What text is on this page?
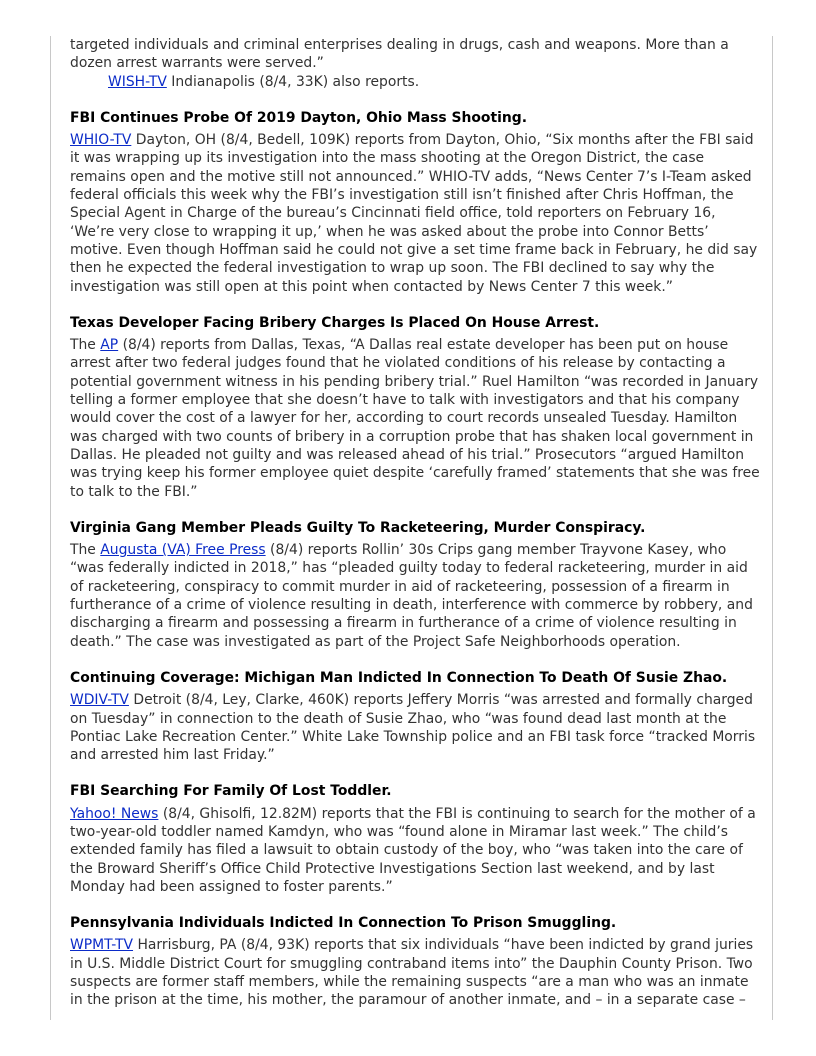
targeted individuals and criminal enterprises dealing in drugs, cash and weapons. More than a dozen arrest warrants were served.”

WISH-TV Indianapolis (8/4, 33K) also reports.

FBI Continues Probe Of 2019 Dayton, Ohio Mass Shooting.

WHIO-TV Dayton, OH (8/4, Bedell, 109K) reports from Dayton, Ohio, “Six months after the FBI said it was wrapping up its investigation into the mass shooting at the Oregon District, the case remains open and the motive still not announced.” WHIO-TV adds, “News Center 7’s I-Team asked federal officials this week why the FBI’s investigation still isn’t finished after Chris Hoffman, the Special Agent in Charge of the bureau’s Cincinnati field office, told reporters on February 16, ‘We’re very close to wrapping it up,’ when he was asked about the probe into Connor Betts’ motive. Even though Hoffman said he could not give a set time frame back in February, he did say then he expected the federal investigation to wrap up soon. The FBI declined to say why the investigation was still open at this point when contacted by News Center 7 this week.”

Texas Developer Facing Bribery Charges Is Placed On House Arrest.

The AP (8/4) reports from Dallas, Texas, “A Dallas real estate developer has been put on house arrest after two federal judges found that he violated conditions of his release by contacting a potential government witness in his pending bribery trial.” Ruel Hamilton “was recorded in January telling a former employee that she doesn’t have to talk with investigators and that his company would cover the cost of a lawyer for her, according to court records unsealed Tuesday. Hamilton was charged with two counts of bribery in a corruption probe that has shaken local government in Dallas. He pleaded not guilty and was released ahead of his trial.” Prosecutors “argued Hamilton was trying keep his former employee quiet despite ‘carefully framed’ statements that she was free to talk to the FBI.”

Virginia Gang Member Pleads Guilty To Racketeering, Murder Conspiracy.

The Augusta (VA) Free Press (8/4) reports Rollin’ 30s Crips gang member Trayvone Kasey, who “was federally indicted in 2018,” has “pleaded guilty today to federal racketeering, murder in aid of racketeering, conspiracy to commit murder in aid of racketeering, possession of a firearm in furtherance of a crime of violence resulting in death, interference with commerce by robbery, and discharging a firearm and possessing a firearm in furtherance of a crime of violence resulting in death.” The case was investigated as part of the Project Safe Neighborhoods operation.

Continuing Coverage: Michigan Man Indicted In Connection To Death Of Susie Zhao.

WDIV-TV Detroit (8/4, Ley, Clarke, 460K) reports Jeffery Morris “was arrested and formally charged on Tuesday” in connection to the death of Susie Zhao, who “was found dead last month at the Pontiac Lake Recreation Center.” White Lake Township police and an FBI task force “tracked Morris and arrested him last Friday.”

FBI Searching For Family Of Lost Toddler.

Yahoo! News (8/4, Ghisolfi, 12.82M) reports that the FBI is continuing to search for the mother of a two-year-old toddler named Kamdyn, who was “found alone in Miramar last week.” The child’s extended family has filed a lawsuit to obtain custody of the boy, who “was taken into the care of the Broward Sheriff’s Office Child Protective Investigations Section last weekend, and by last Monday had been assigned to foster parents.”

Pennsylvania Individuals Indicted In Connection To Prison Smuggling.

WPMT-TV Harrisburg, PA (8/4, 93K) reports that six individuals “have been indicted by grand juries in U.S. Middle District Court for smuggling contraband items into” the Dauphin County Prison. Two suspects are former staff members, while the remaining suspects “are a man who was an inmate in the prison at the time, his mother, the paramour of another inmate, and – in a separate case –
